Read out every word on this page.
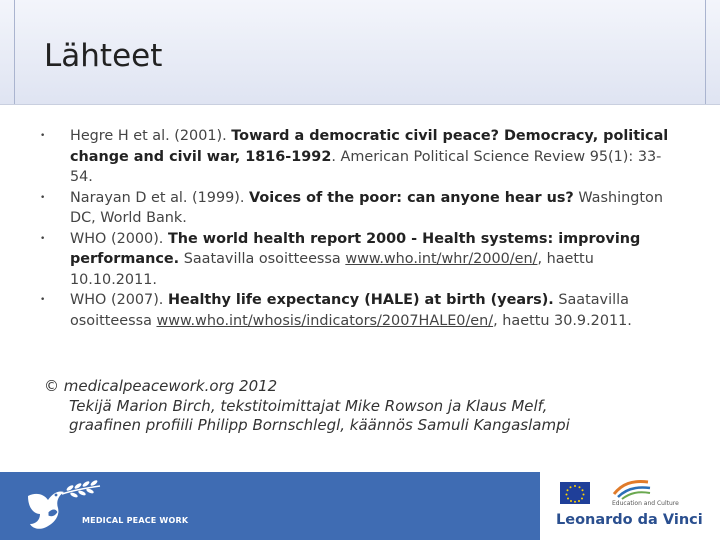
Lähteet
• Hegre H et al. (2001). Toward a democratic civil peace? Democracy, political change and civil war, 1816-1992. American Political Science Review 95(1): 33-54.
• Narayan D et al. (1999). Voices of the poor: can anyone hear us? Washington DC, World Bank.
• WHO (2000). The world health report 2000 - Health systems: improving performance. Saatavilla osoitteessa www.who.int/whr/2000/en/, haettu 10.10.2011.
• WHO (2007). Healthy life expectancy (HALE) at birth (years). Saatavilla osoitteessa www.who.int/whosis/indicators/2007HALE0/en/, haettu 30.9.2011.
© medicalpeacework.org 2012
Tekijä Marion Birch, tekstitoimittajat Mike Rowson ja Klaus Melf,
graafinen profiili Philipp Bornschlegl, käännös Samuli Kangaslampi
MEDICAL PEACE WORK
Education and Culture
Leonardo da Vinci
